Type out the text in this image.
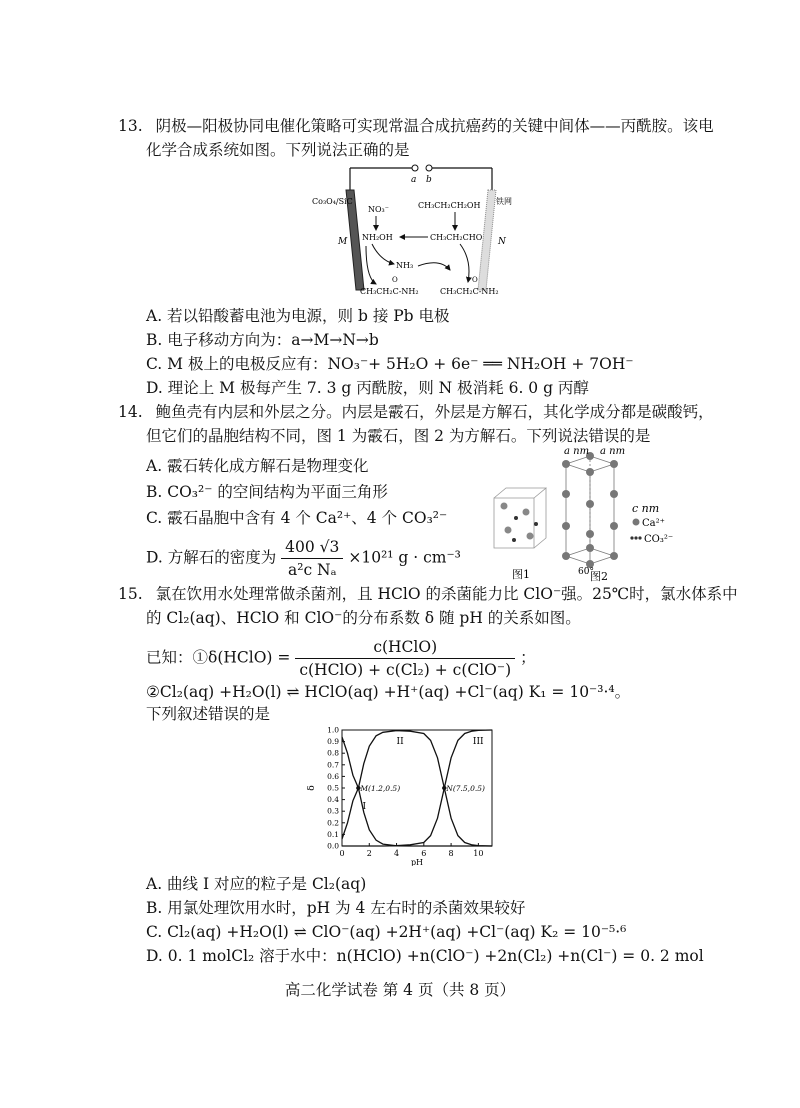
13. 阴极—阳极协同电催化策略可实现常温合成抗癌药的关键中间体——丙酰胺。该电
化学合成系统如图。下列说法正确的是
a b
Co₃O₄/SiC	铁网
M	N
NO₃⁻
NH₂OH
NH₃
CH₃CH₂CH₂OH
CH₃CH₂CHO
O
CH₃CH₂C-NH₂
O
CH₃CH₂C-NH₂
A. 若以铅酸蓄电池为电源，则 b 接 Pb 电极
B. 电子移动方向为：a→M→N→b
C. M 极上的电极反应有：NO₃⁻+ 5H₂O + 6e⁻ ══ NH₂OH + 7OH⁻
D. 理论上 M 极每产生 7. 3 g 丙酰胺，则 N 极消耗 6. 0 g 丙醇
14. 鲍鱼壳有内层和外层之分。内层是霰石，外层是方解石，其化学成分都是碳酸钙，
但它们的晶胞结构不同，图 1 为霰石，图 2 为方解石。下列说法错误的是
A. 霰石转化成方解石是物理变化
B. CO₃²⁻ 的空间结构为平面三角形
C. 霰石晶胞中含有 4 个 Ca²⁺、4 个 CO₃²⁻
D. 方解石的密度为 $\frac{400 √3}{\text{a²c Nₐ}} \times 10^{21}$ g · cm⁻³
图1
a nm a nm
c nm
60°
图2
Ca²⁺
CO₃²⁻
15. 氯在饮用水处理常做杀菌剂，且 HClO 的杀菌能力比 ClO⁻强。25℃时，氯水体系中
的 Cl₂(aq)、HClO 和 ClO⁻的分布系数 δ 随 pH 的关系如图。
已知：①δ(HClO) = $\frac{\text{c(HClO)}}{\text{c(HClO) + c(Cl₂) + c(ClO⁻)}}$ ；
②Cl₂(aq) +H₂O(l) ⇌ HClO(aq) +H⁺(aq) +Cl⁻(aq) K₁ = 10⁻³·⁴。
下列叙述错误的是
0	2	4	6	8 10
0.0
0.1
0.2
0.3
0.4
0.5
0.6
0.7
0.8
0.9
1.0
pH
δ
I
II	III
M(1.2,0.5)	N(7.5,0.5)
A. 曲线 I 对应的粒子是 Cl₂(aq)
B. 用氯处理饮用水时，pH 为 4 左右时的杀菌效果较好
C. Cl₂(aq) +H₂O(l) ⇌ ClO⁻(aq) +2H⁺(aq) +Cl⁻(aq) K₂ = 10⁻⁵·⁶
D. 0. 1 molCl₂ 溶于水中：n(HClO) +n(ClO⁻) +2n(Cl₂) +n(Cl⁻) = 0. 2 mol
高二化学试卷 第 4 页（共 8 页）
